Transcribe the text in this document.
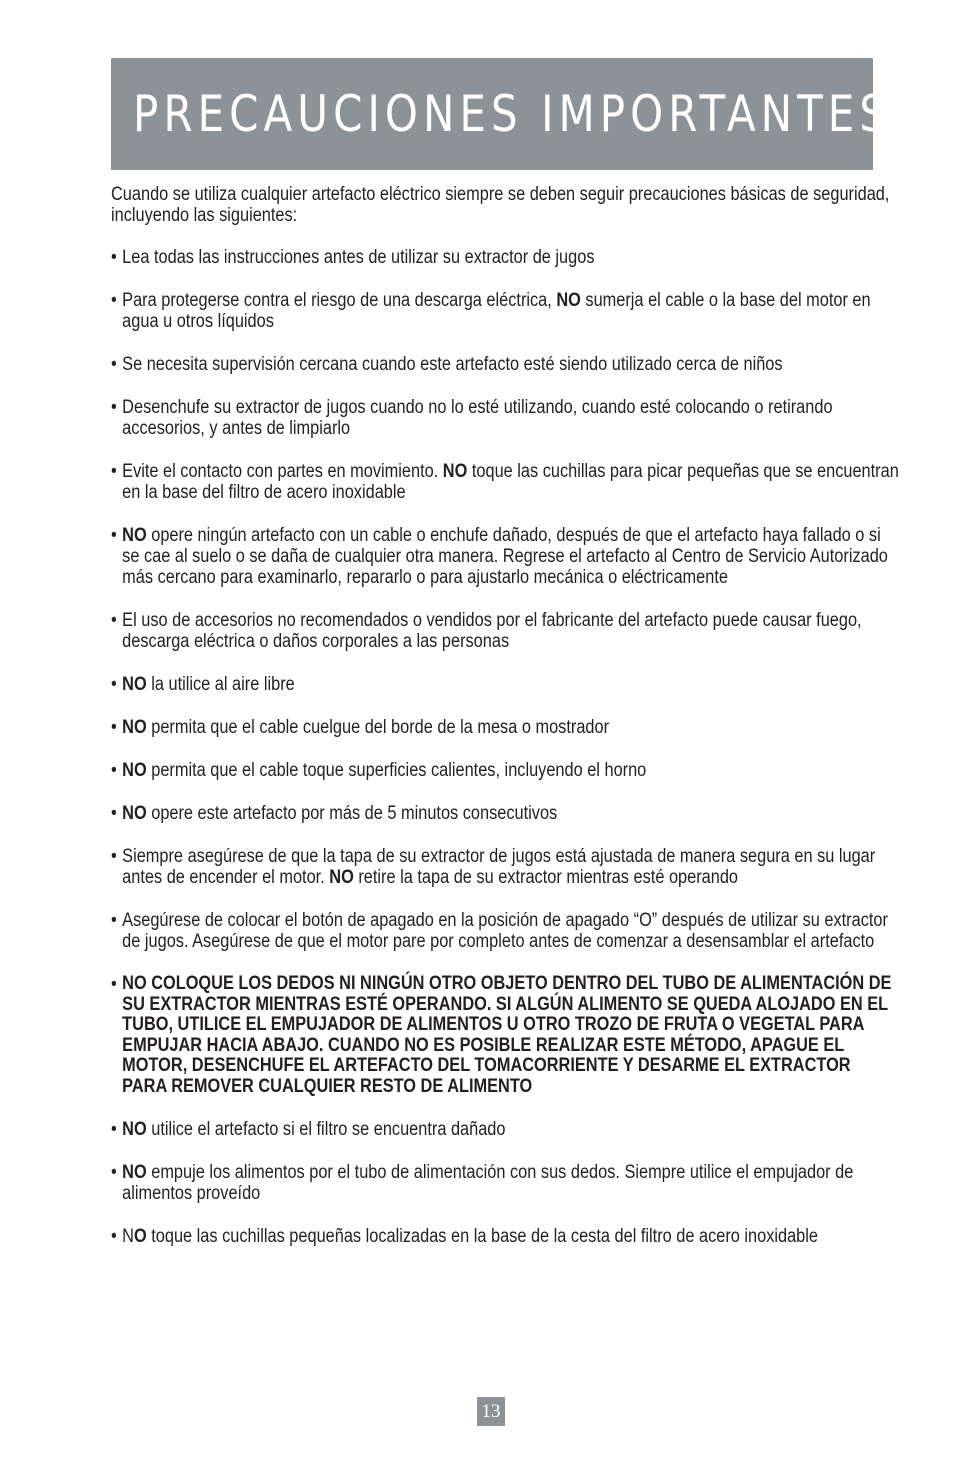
PRECAUCIONES IMPORTANTES

Cuando se utiliza cualquier artefacto eléctrico siempre se deben seguir precauciones básicas de seguridad, incluyendo las siguientes:

• Lea todas las instrucciones antes de utilizar su extractor de jugos
• Para protegerse contra el riesgo de una descarga eléctrica, NO sumerja el cable o la base del motor en agua u otros líquidos
• Se necesita supervisión cercana cuando este artefacto esté siendo utilizado cerca de niños
• Desenchufe su extractor de jugos cuando no lo esté utilizando, cuando esté colocando o retirando accesorios, y antes de limpiarlo
• Evite el contacto con partes en movimiento. NO toque las cuchillas para picar pequeñas que se encuentran en la base del filtro de acero inoxidable
• NO opere ningún artefacto con un cable o enchufe dañado, después de que el artefacto haya fallado o si se cae al suelo o se daña de cualquier otra manera. Regrese el artefacto al Centro de Servicio Autorizado más cercano para examinarlo, repararlo o para ajustarlo mecánica o eléctricamente
• El uso de accesorios no recomendados o vendidos por el fabricante del artefacto puede causar fuego, descarga eléctrica o daños corporales a las personas
• NO la utilice al aire libre
• NO permita que el cable cuelgue del borde de la mesa o mostrador
• NO permita que el cable toque superficies calientes, incluyendo el horno
• NO opere este artefacto por más de 5 minutos consecutivos
• Siempre asegúrese de que la tapa de su extractor de jugos está ajustada de manera segura en su lugar antes de encender el motor. NO retire la tapa de su extractor mientras esté operando
• Asegúrese de colocar el botón de apagado en la posición de apagado “O” después de utilizar su extractor de jugos. Asegúrese de que el motor pare por completo antes de comenzar a desensamblar el artefacto
• NO COLOQUE LOS DEDOS NI NINGÚN OTRO OBJETO DENTRO DEL TUBO DE ALIMENTACIÓN DE SU EXTRACTOR MIENTRAS ESTÉ OPERANDO. SI ALGÚN ALIMENTO SE QUEDA ALOJADO EN EL TUBO, UTILICE EL EMPUJADOR DE ALIMENTOS U OTRO TROZO DE FRUTA O VEGETAL PARA EMPUJAR HACIA ABAJO. CUANDO NO ES POSIBLE REALIZAR ESTE MÉTODO, APAGUE EL MOTOR, DESENCHUFE EL ARTEFACTO DEL TOMACORRIENTE Y DESARME EL EXTRACTOR PARA REMOVER CUALQUIER RESTO DE ALIMENTO
• NO utilice el artefacto si el filtro se encuentra dañado
• NO empuje los alimentos por el tubo de alimentación con sus dedos. Siempre utilice el empujador de alimentos proveído
• NO toque las cuchillas pequeñas localizadas en la base de la cesta del filtro de acero inoxidable
13
